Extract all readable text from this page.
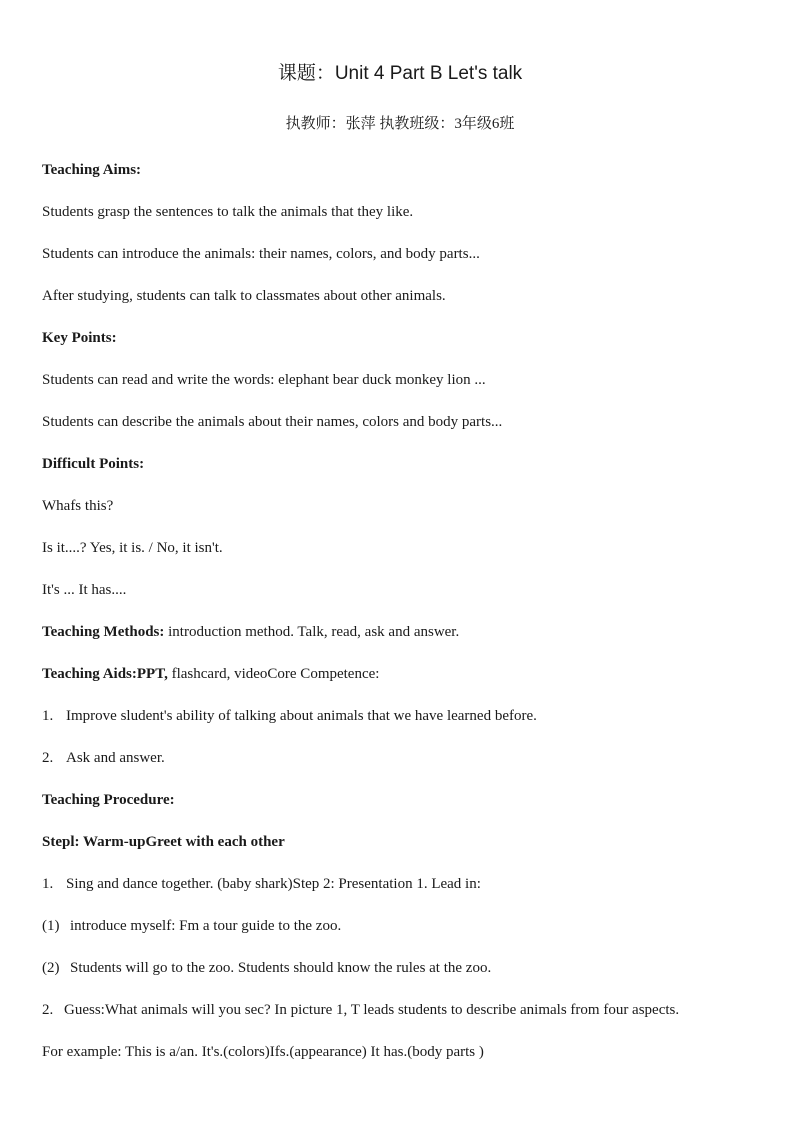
课题：Unit 4 Part B Let's talk
执教师：张萍 执教班级：3年级6班
Teaching Aims:
Students grasp the sentences to talk the animals that they like.
Students can introduce the animals: their names, colors, and body parts...
After studying, students can talk to classmates about other animals.
Key Points:
Students can read and write the words: elephant bear duck monkey lion ...
Students can describe the animals about their names, colors and body parts...
Difficult Points:
Whafs this?
Is it....? Yes, it is. / No, it isn't.
It's ... It has....
Teaching Methods: introduction method. Talk, read, ask and answer.
Teaching Aids:PPT, flashcard, videoCore Competence:
1. Improve sludent's ability of talking about animals that we have learned before.
2. Ask and answer.
Teaching Procedure:
Stepl: Warm-upGreet with each other
1. Sing and dance together. (baby shark)Step 2: Presentation 1. Lead in:
(1) introduce myself: Fm a tour guide to the zoo.
(2) Students will go to the zoo. Students should know the rules at the zoo.
2. Guess:What animals will you sec? In picture 1, T leads students to describe animals from four aspects.
For example: This is a/an. It's.(colors)Ifs.(appearance) It has.(body parts )
